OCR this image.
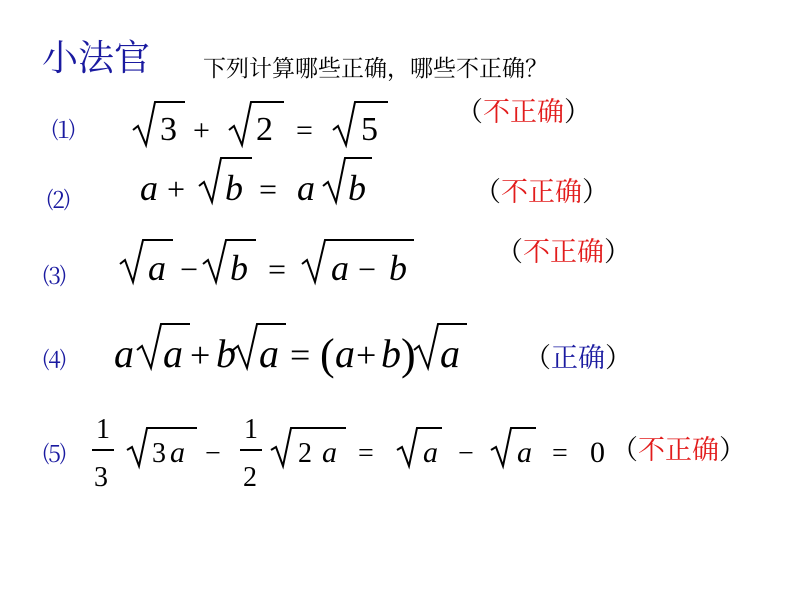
小法官 下列计算哪些正确，哪些不正确？
⑴
⑵
⑶
⑷
⑸
（不正确）
（不正确）
（不正确）
（正确）
（不正确）
3 + 2 = 5
a + b = a b
a − b = a − b
a a + b a = ( a + b ) a
1
3
3 a −
1
2
2 a = a − a = 0
